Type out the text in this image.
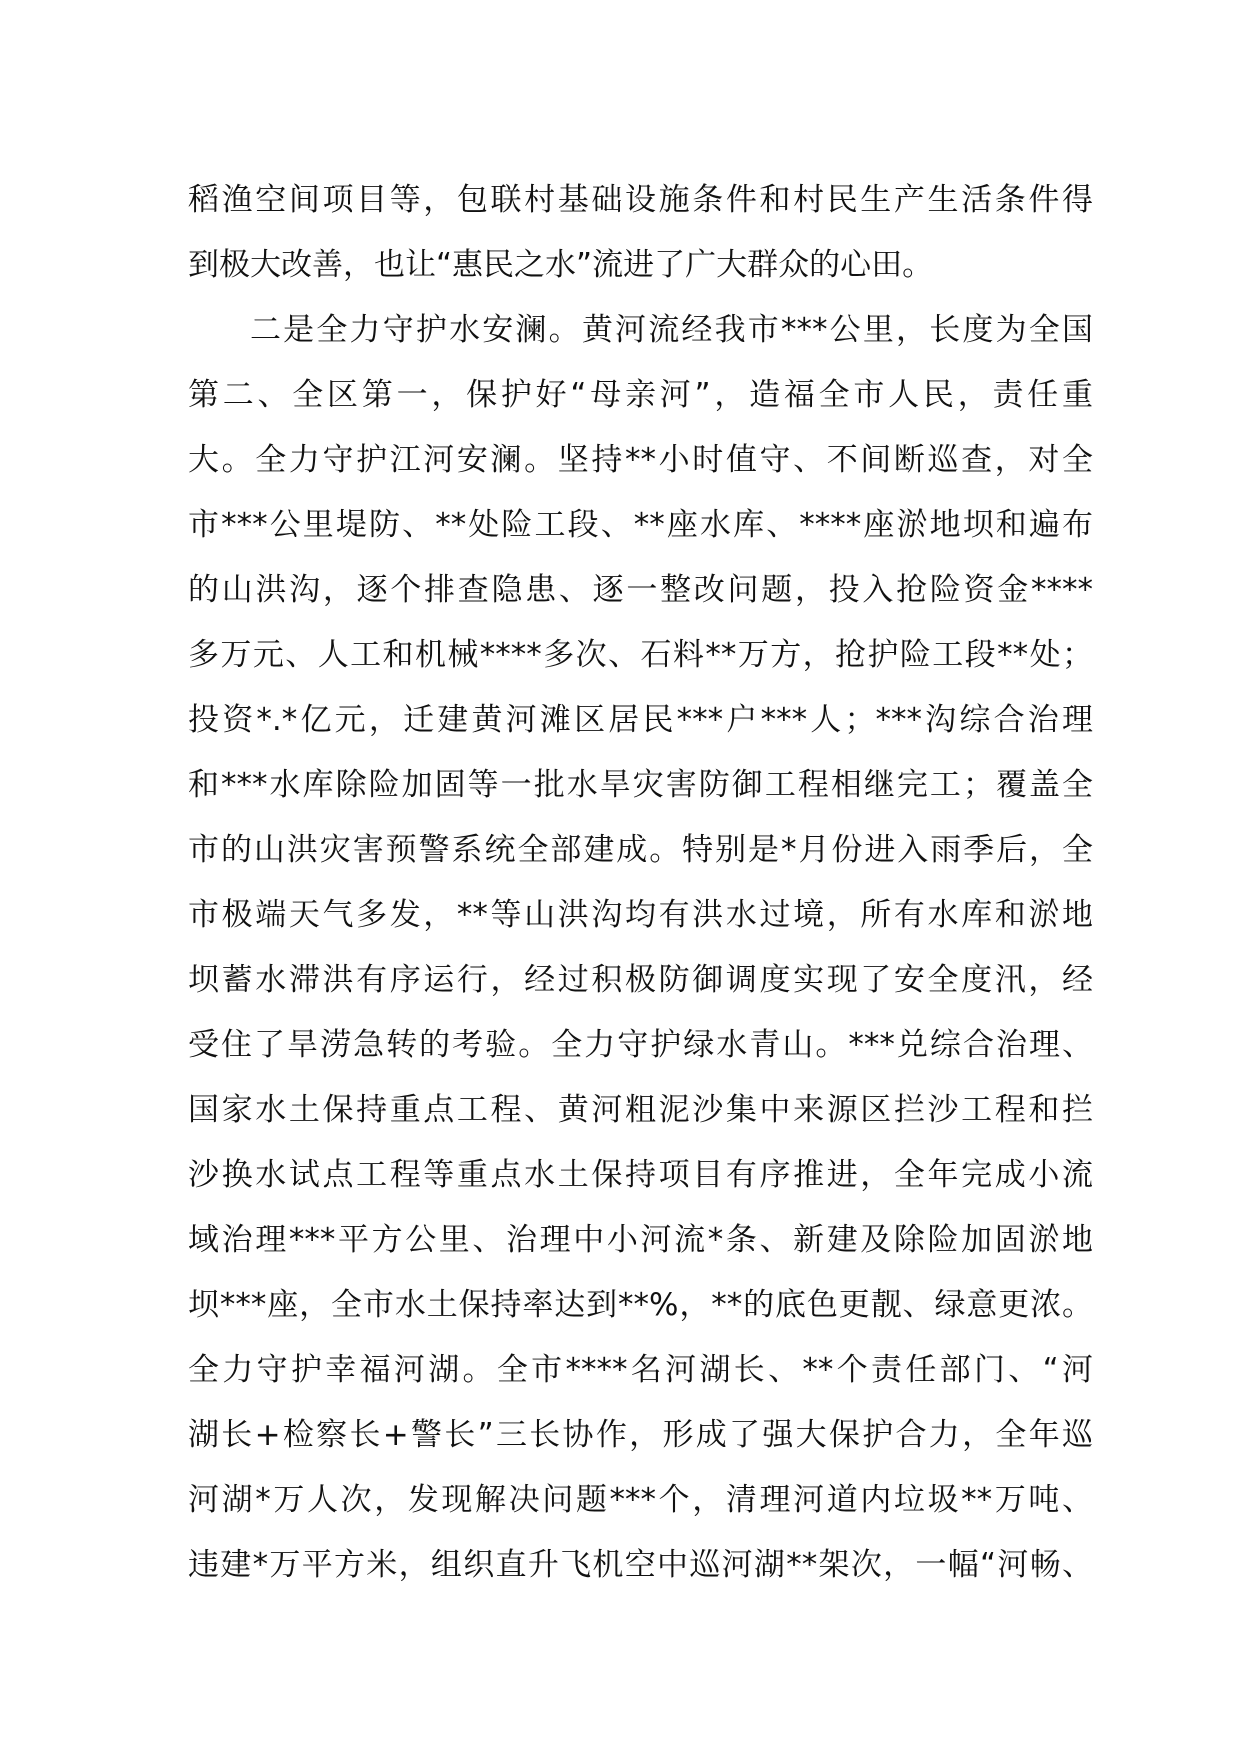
稻渔空间项目等，包联村基础设施条件和村民生产生活条件得
到极大改善，也让“惠民之水”流进了广大群众的心田。
二是全力守护水安澜。黄河流经我市***公里，长度为全国
第二、全区第一，保护好“母亲河”，造福全市人民，责任重
大。全力守护江河安澜。坚持**小时值守、不间断巡查，对全
市***公里堤防、**处险工段、**座水库、****座淤地坝和遍布
的山洪沟，逐个排查隐患、逐一整改问题，投入抢险资金****
多万元、人工和机械****多次、石料**万方，抢护险工段**处；
投资*.*亿元，迁建黄河滩区居民***户***人；***沟综合治理
和***水库除险加固等一批水旱灾害防御工程相继完工；覆盖全
市的山洪灾害预警系统全部建成。特别是*月份进入雨季后，全
市极端天气多发，**等山洪沟均有洪水过境，所有水库和淤地
坝蓄水滞洪有序运行，经过积极防御调度实现了安全度汛，经
受住了旱涝急转的考验。全力守护绿水青山。***兑综合治理、
国家水土保持重点工程、黄河粗泥沙集中来源区拦沙工程和拦
沙换水试点工程等重点水土保持项目有序推进，全年完成小流
域治理***平方公里、治理中小河流*条、新建及除险加固淤地
坝***座，全市水土保持率达到**%，**的底色更靓、绿意更浓。
全力守护幸福河湖。全市****名河湖长、**个责任部门、“河
湖长+检察长+警长”三长协作，形成了强大保护合力，全年巡
河湖*万人次，发现解决问题***个，清理河道内垃圾**万吨、
违建*万平方米，组织直升飞机空中巡河湖**架次，一幅“河畅、
